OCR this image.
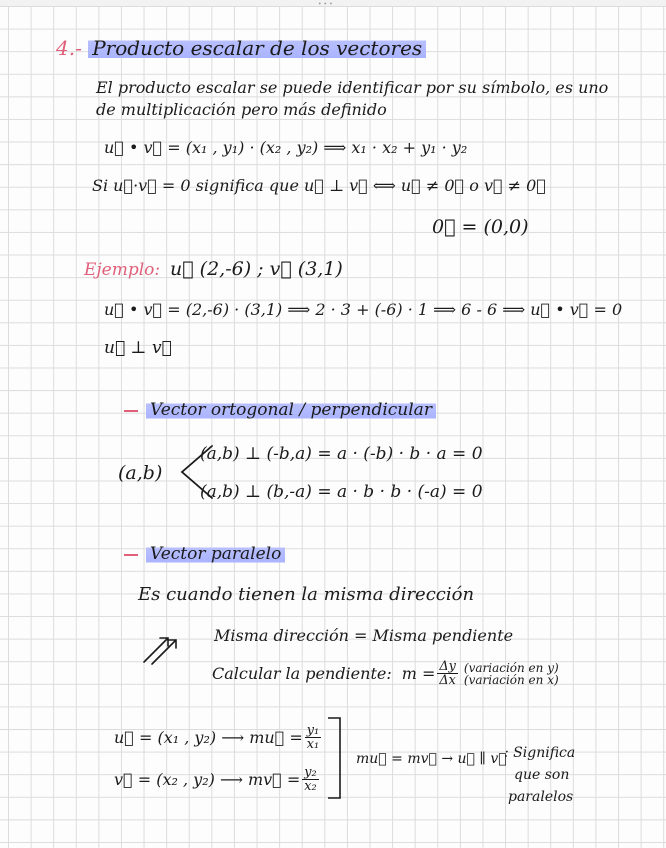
•••
4.- Producto escalar de los vectores
El producto escalar se puede identificar por su símbolo, es uno
de multiplicación pero más definido
u⃗ • v⃗ = (x₁ , y₁) · (x₂ , y₂) ⟹ x₁ · x₂ + y₁ · y₂
Si u⃗·v⃗ = 0 significa que u⃗ ⊥ v⃗ ⟺ u⃗ ≠ 0⃗ o v⃗ ≠ 0⃗
0⃗ = (0,0)
Ejemplo: u⃗ (2,-6) ; v⃗ (3,1)
u⃗ • v⃗ = (2,-6) · (3,1) ⟹ 2 · 3 + (-6) · 1 ⟹ 6 - 6 ⟹ u⃗ • v⃗ = 0
u⃗ ⊥ v⃗
Vector ortogonal / perpendicular
(a,b)
(a,b) ⊥ (-b,a) = a · (-b) · b · a = 0
(a,b) ⊥ (b,-a) = a · b · b · (-a) = 0
Vector paralelo
Es cuando tienen la misma dirección
Misma dirección = Misma pendiente
Calcular la pendiente: $m = \frac{\Delta y}{\Delta x}$ (variación en y)
(variación en x)
u⃗ = (x₁ , y₂) ⟶ mu⃗ = $\frac{\text{y₁}}{\text{x₁}}$
v⃗ = (x₂ , y₂) ⟶ mv⃗ = $\frac{\text{y₂}}{\text{x₂}}$
mu⃗ = mv⃗ → u⃗ ∥ v⃗
: Significa
que son
paralelos
